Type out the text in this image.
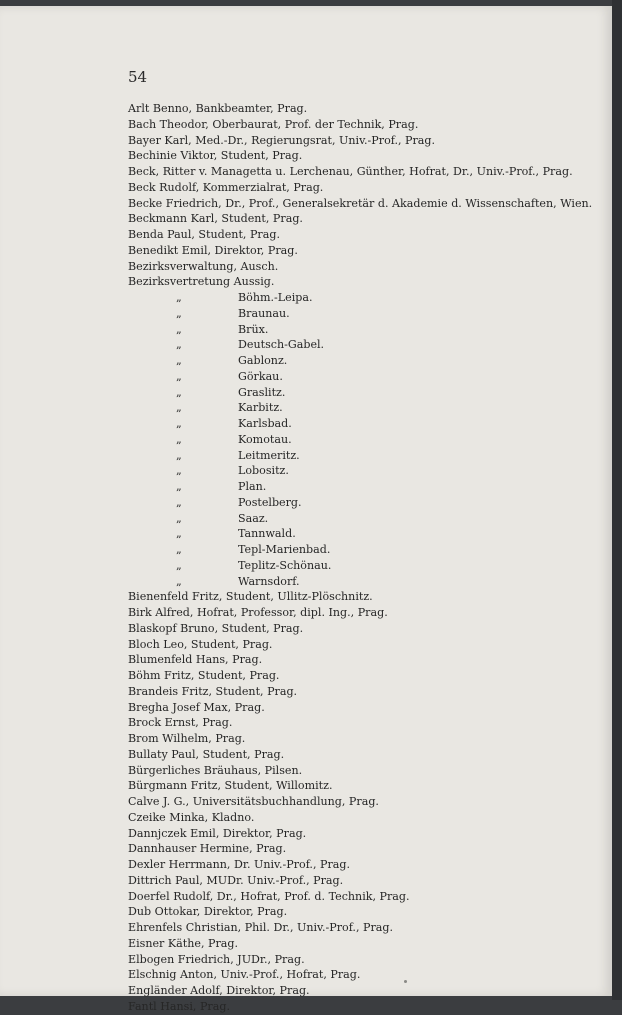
54
Arlt Benno, Bankbeamter, Prag.
Bach Theodor, Oberbaurat, Prof. der Technik, Prag.
Bayer Karl, Med.-Dr., Regierungsrat, Univ.-Prof., Prag.
Bechinie Viktor, Student, Prag.
Beck, Ritter v. Managetta u. Lerchenau, Günther, Hofrat, Dr., Univ.-Prof., Prag.
Beck Rudolf, Kommerzialrat, Prag.
Becke Friedrich, Dr., Prof., Generalsekretär d. Akademie d. Wissenschaften, Wien.
Beckmann Karl, Student, Prag.
Benda Paul, Student, Prag.
Benedikt Emil, Direktor, Prag.
Bezirksverwaltung, Ausch.
Bezirksvertretung Aussig.
„	Böhm.-Leipa.
„	Braunau.
„	Brüx.
„	Deutsch-Gabel.
„	Gablonz.
„	Görkau.
„	Graslitz.
„	Karbitz.
„	Karlsbad.
„	Komotau.
„	Leitmeritz.
„	Lobositz.
„	Plan.
„	Postelberg.
„	Saaz.
„	Tannwald.
„	Tepl-Marienbad.
„	Teplitz-Schönau.
„	Warnsdorf.
Bienenfeld Fritz, Student, Ullitz-Plöschnitz.
Birk Alfred, Hofrat, Professor, dipl. Ing., Prag.
Blaskopf Bruno, Student, Prag.
Bloch Leo, Student, Prag.
Blumenfeld Hans, Prag.
Böhm Fritz, Student, Prag.
Brandeis Fritz, Student, Prag.
Bregha Josef Max, Prag.
Brock Ernst, Prag.
Brom Wilhelm, Prag.
Bullaty Paul, Student, Prag.
Bürgerliches Bräuhaus, Pilsen.
Bürgmann Fritz, Student, Willomitz.
Calve J. G., Universitätsbuchhandlung, Prag.
Czeike Minka, Kladno.
Dannjczek Emil, Direktor, Prag.
Dannhauser Hermine, Prag.
Dexler Herrmann, Dr. Univ.-Prof., Prag.
Dittrich Paul, MUDr. Univ.-Prof., Prag.
Doerfel Rudolf, Dr., Hofrat, Prof. d. Technik, Prag.
Dub Ottokar, Direktor, Prag.
Ehrenfels Christian, Phil. Dr., Univ.-Prof., Prag.
Eisner Käthe, Prag.
Elbogen Friedrich, JUDr., Prag.
Elschnig Anton, Univ.-Prof., Hofrat, Prag.
Engländer Adolf, Direktor, Prag.
Fantl Hansi, Prag.
